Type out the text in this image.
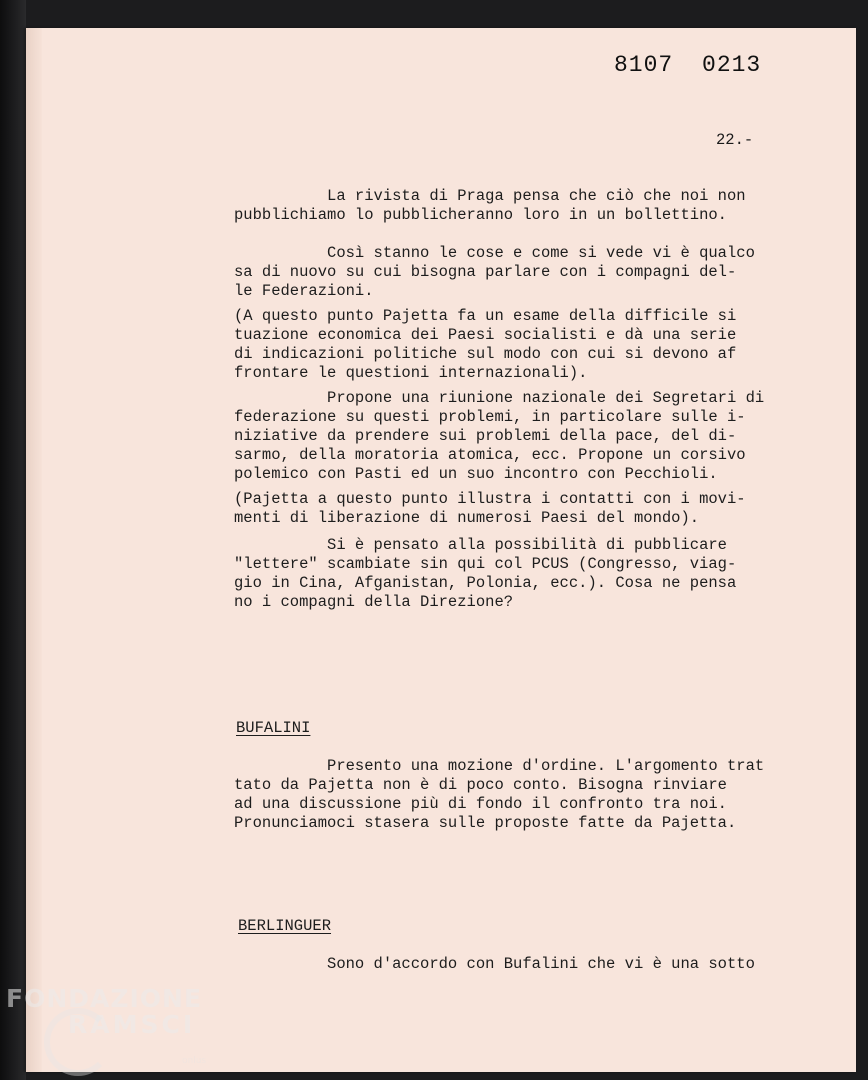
8107 0213
22.-
La rivista di Praga pensa che ciò che noi non
pubblichiamo lo pubblicheranno loro in un bollettino.
Così stanno le cose e come si vede vi è qualco
sa di nuovo su cui bisogna parlare con i compagni del-
le Federazioni.
(A questo punto Pajetta fa un esame della difficile si
tuazione economica dei Paesi socialisti e dà una serie
di indicazioni politiche sul modo con cui si devono af
frontare le questioni internazionali).
Propone una riunione nazionale dei Segretari di
federazione su questi problemi, in particolare sulle i-
niziative da prendere sui problemi della pace, del di-
sarmo, della moratoria atomica, ecc. Propone un corsivo
polemico con Pasti ed un suo incontro con Pecchioli.
(Pajetta a questo punto illustra i contatti con i movi-
menti di liberazione di numerosi Paesi del mondo).
Si è pensato alla possibilità di pubblicare
"lettere" scambiate sin qui col PCUS (Congresso, viag-
gio in Cina, Afganistan, Polonia, ecc.). Cosa ne pensa
no i compagni della Direzione?
BUFALINI
Presento una mozione d'ordine. L'argomento trat
tato da Pajetta non è di poco conto. Bisogna rinviare
ad una discussione più di fondo il confronto tra noi.
Pronunciamoci stasera sulle proposte fatte da Pajetta.
BERLINGUER
Sono d'accordo con Bufalini che vi è una sotto
FONDAZIONE
RAMSCI
onlus
